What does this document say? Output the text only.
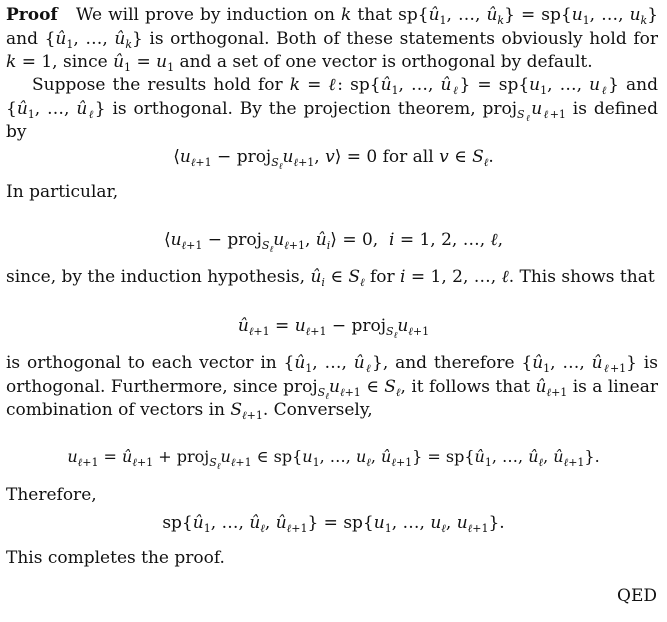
Proof   We will prove by induction on k that $sp\{û_1$, …, $û_k\} = sp\{u_1$, …, $u_k$} and {$û_1$, …, $û_k$} is orthogonal. Both of these statements obviously hold for k = 1, since $û_1 = u_1$ and a set of one vector is orthogonal by default.
Suppose the results hold for k = ℓ: $sp\{û_1$, …, $û_\ell\} = sp\{u_1$, …, $u_\ell$} and {$û_1$, …, $û_\ell$} is orthogonal. By the projection theorem, $proj_{S_\ell}u_{\ell+1}$ is defined by
$⟨u_{\ell+1}$ − $proj_{S_\ell}u_{\ell+1}$, v⟩ = 0 for all v ∈ $S_\ell$.
In particular,
$⟨u_{\ell+1}$ − $proj_{S_\ell}u_{\ell+1}$, $û_i⟩ = 0$,  i = 1, 2, …, ℓ,
since, by the induction hypothesis, $û_i$ ∈ $S_\ell$ for i = 1, 2, …, ℓ. This shows that
$û_{\ell+1} = u_{\ell+1}$ − $proj_{S_\ell}u_{\ell+1}$
is orthogonal to each vector in {$û_1$, …, $û_\ell$}, and therefore {$û_1$, …, $û_{\ell+1}$} is orthogonal. Furthermore, since $proj_{S_\ell}u_{\ell+1}$ ∈ $S_\ell$, it follows that $û_{\ell+1}$ is a linear combination of vectors in $S_{\ell+1}$. Conversely,
$u_{\ell+1}$ = $û_{\ell+1}$ + $proj_{S_\ell}u_{\ell+1}$ ∈ $sp\{u_1$, …, $u_\ell$, $û_{\ell+1}$} = $sp\{û_1$, …, $û_\ell$, $û_{\ell+1}$}.
Therefore,
$sp\{û_1$, …, $û_\ell$, $û_{\ell+1}\} = sp\{u_1$, …, $u_\ell$, $u_{\ell+1}$}.
This completes the proof.
QED
